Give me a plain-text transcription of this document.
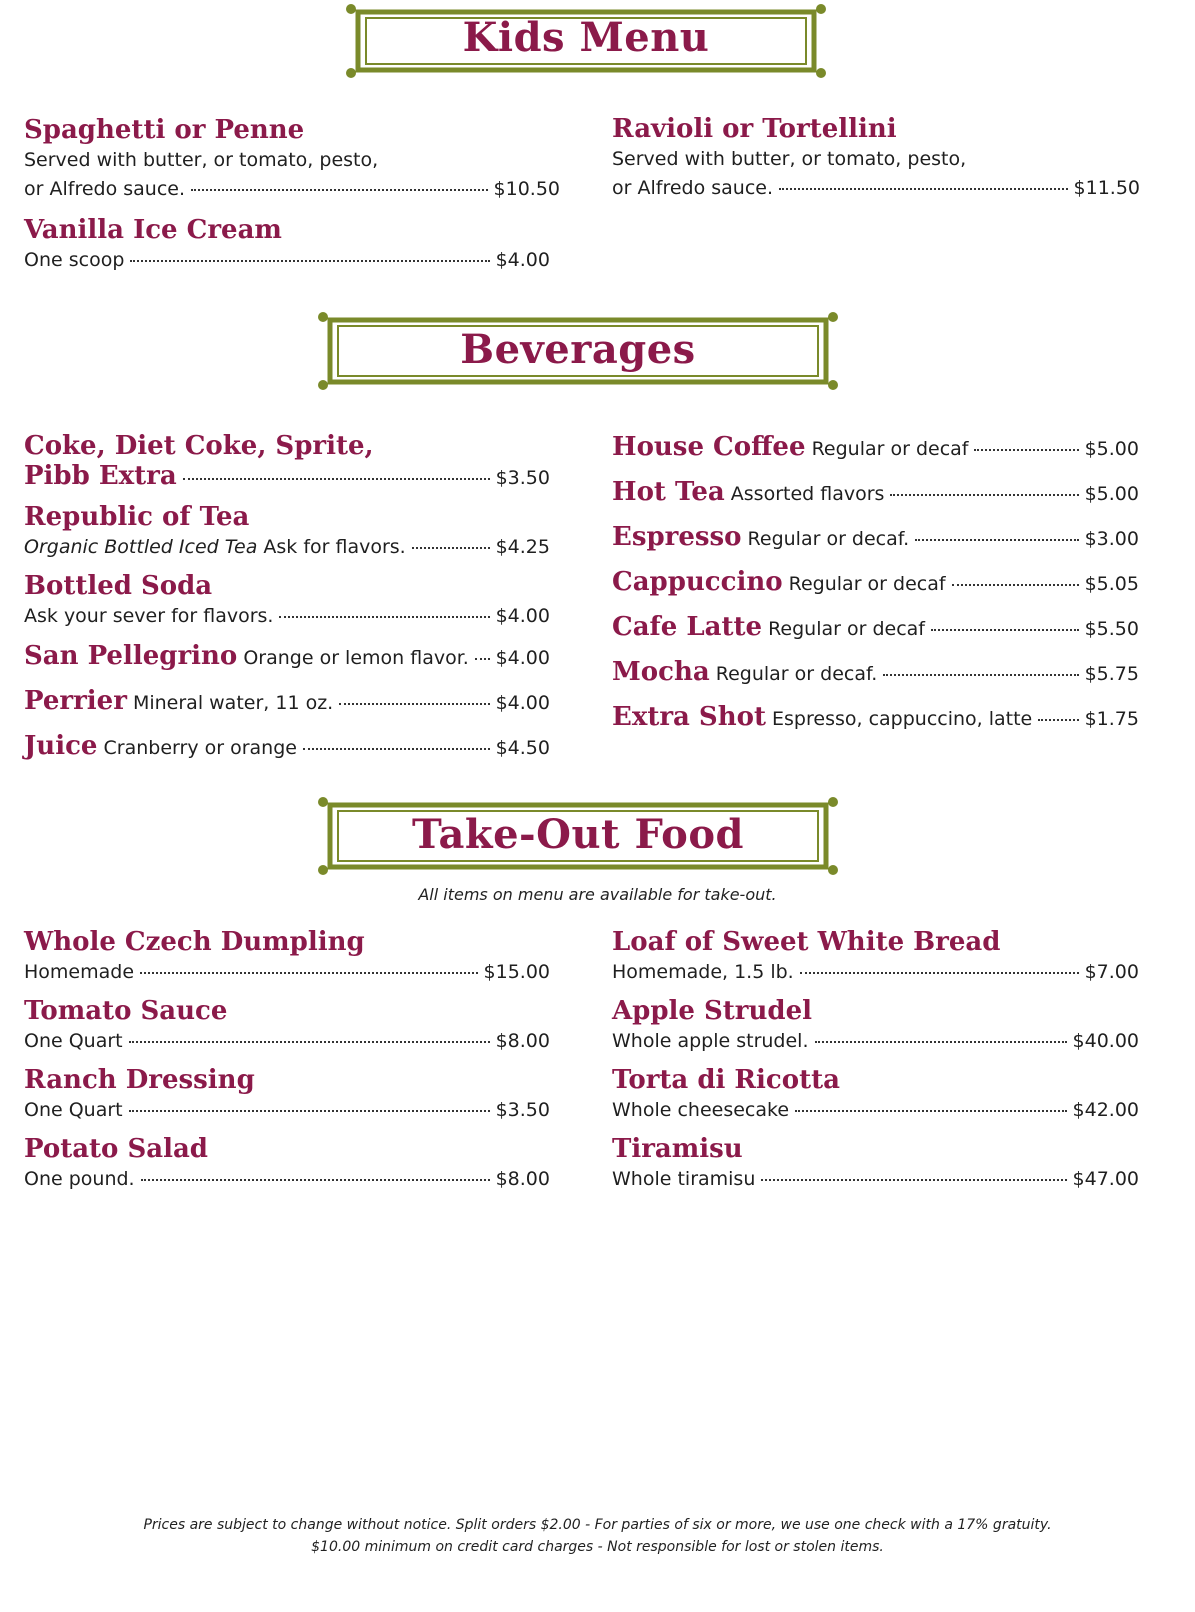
Kids Menu
Spaghetti or Penne
Served with butter, or tomato, pesto,
or Alfredo sauce.	$10.50
Vanilla Ice Cream
One scoop	$4.00
Ravioli or Tortellini
Served with butter, or tomato, pesto,
or Alfredo sauce.	$11.50
Beverages
Coke, Diet Coke, Sprite,
Pibb Extra	$3.50
Republic of Tea
Organic Bottled Iced Tea Ask for flavors.	$4.25
Bottled Soda
Ask your sever for flavors.	$4.00
San Pellegrino Orange or lemon flavor. $4.00
Perrier Mineral water, 11 oz.	$4.00
Juice Cranberry or orange	$4.50
House Coffee Regular or decaf	$5.00
Hot Tea Assorted flavors	$5.00
Espresso Regular or decaf.	$3.00
Cappuccino Regular or decaf	$5.05
Cafe Latte Regular or decaf	$5.50
Mocha Regular or decaf.	$5.75
Extra Shot Espresso, cappuccino, latte	$1.75
Take-Out Food
All items on menu are available for take-out.
Whole Czech Dumpling
Homemade	$15.00
Tomato Sauce
One Quart	$8.00
Ranch Dressing
One Quart	$3.50
Potato Salad
One pound.	$8.00
Loaf of Sweet White Bread
Homemade, 1.5 lb.	$7.00
Apple Strudel
Whole apple strudel.	$40.00
Torta di Ricotta
Whole cheesecake	$42.00
Tiramisu
Whole tiramisu	$47.00
Prices are subject to change without notice. Split orders $2.00 - For parties of six or more, we use one check with a 17% gratuity.
$10.00 minimum on credit card charges - Not responsible for lost or stolen items.
